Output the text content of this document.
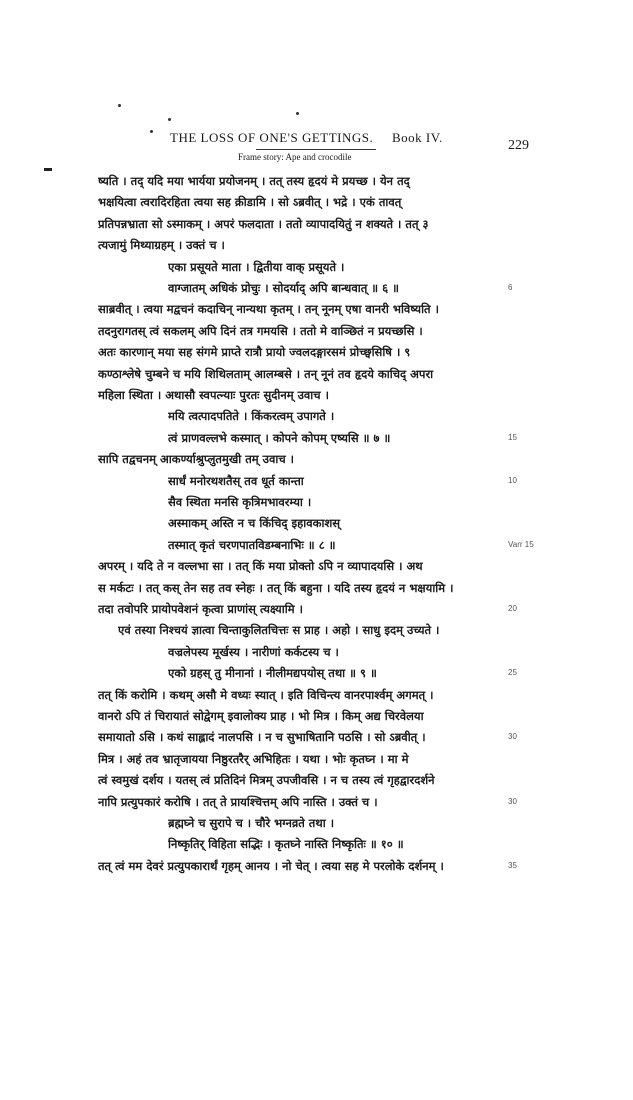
THE LOSS OF ONE'S GETTINGS. Book IV.
229
Frame story: Ape and crocodile
ष्यति । तद् यदि मया भार्यया प्रयोजनम् । तत् तस्य हृदयं मे प्रयच्छ । येन तद्
भक्षयित्वा त्वरादिरहिता त्वया सह क्रीडामि । सो ऽब्रवीत् । भद्रे । एकं तावत्
प्रतिपन्नभ्राता सो ऽस्माकम् । अपरं फलदाता । ततो व्यापादयितुं न शक्यते । तत् ३
त्यजामुं मिथ्याग्रहम् । उक्तं च ।
एका प्रसूयते माता । द्वितीया वाक् प्रसूयते ।
वाग्जातम् अधिकं प्रोचुः । सोदर्याद् अपि बान्धवात् ॥ ६ ॥
साब्रवीत् । त्वया मद्वचनं कदाचिन् नान्यथा कृतम् । तन् नूनम् एषा वानरी भविष्यति ।
तदनुरागतस् त्वं सकलम् अपि दिनं तत्र गमयसि । ततो मे वाञ्छितं न प्रयच्छसि ।
अतः कारणान् मया सह संगमे प्राप्ते रात्रौ प्रायो ज्वलदङ्गारसमं प्रोच्छ्वसिषि । ९
कण्ठाश्लेषे चुम्बने च मयि शिथिलताम् आलम्बसे । तन् नूनं तव हृदये काचिद् अपरा
महिला स्थिता । अथासौ स्वपत्न्याः पुरतः सुदीनम् उवाच ।
मयि त्वत्पादपतिते । किंकरत्वम् उपागते ।
त्वं प्राणवल्लभे कस्मात् । कोपने कोपम् एष्यसि ॥ ७ ॥
सापि तद्वचनम् आकर्ण्याश्रुप्लुतमुखी तम् उवाच ।
सार्धं मनोरथशतैस् तव धूर्त कान्ता
सैव स्थिता मनसि कृत्रिमभावरम्या ।
अस्माकम् अस्ति न च किंचिद् इहावकाशस्
तस्मात् कृतं चरणपातविडम्बनाभिः ॥ ८ ॥
अपरम् । यदि ते न वल्लभा सा । तत् किं मया प्रोक्तो ऽपि न व्यापादयसि । अथ
स मर्कटः । तत् कस् तेन सह तव स्नेहः । तत् किं बहुना । यदि तस्य हृदयं न भक्षयामि ।
तदा तवोपरि प्रायोपवेशनं कृत्वा प्राणांस् त्यक्ष्यामि ।
एवं तस्या निश्चयं ज्ञात्वा चिन्ताकुलितचित्तः स प्राह । अहो । साधु इदम् उच्यते ।
वज्रलेपस्य मूर्खस्य । नारीणां कर्कटस्य च ।
एको ग्रहस् तु मीनानां । नीलीमद्यपयोस् तथा ॥ ९ ॥
तत् किं करोमि । कथम् असौ मे वध्यः स्यात् । इति विचिन्त्य वानरपार्श्वम् अगमत् ।
वानरो ऽपि तं चिरायातं सोद्वेगम् इवालोक्य प्राह । भो मित्र । किम् अद्य चिरवेलया
समायातो ऽसि । कथं साह्लादं नालपसि । न च सुभाषितानि पठसि । सो ऽब्रवीत् ।
मित्र । अहं तव भ्रातृजायया निष्ठुरतरैर् अभिहितः । यथा । भोः कृतघ्न । मा मे
त्वं स्वमुखं दर्शय । यतस् त्वं प्रतिदिनं मित्रम् उपजीवसि । न च तस्य त्वं गृहद्वारदर्शने
नापि प्रत्युपकारं करोषि । तत् ते प्रायश्चित्तम् अपि नास्ति । उक्तं च ।
ब्रह्मघ्ने च सुरापे च । चौरे भग्नव्रते तथा ।
निष्कृतिर् विहिता सद्भिः । कृतघ्ने नास्ति निष्कृतिः ॥ १० ॥
तत् त्वं मम देवरं प्रत्युपकारार्थं गृहम् आनय । नो चेत् । त्वया सह मे परलोके दर्शनम् ।
6
15
10
Varr 15
20
25
30
30
35
